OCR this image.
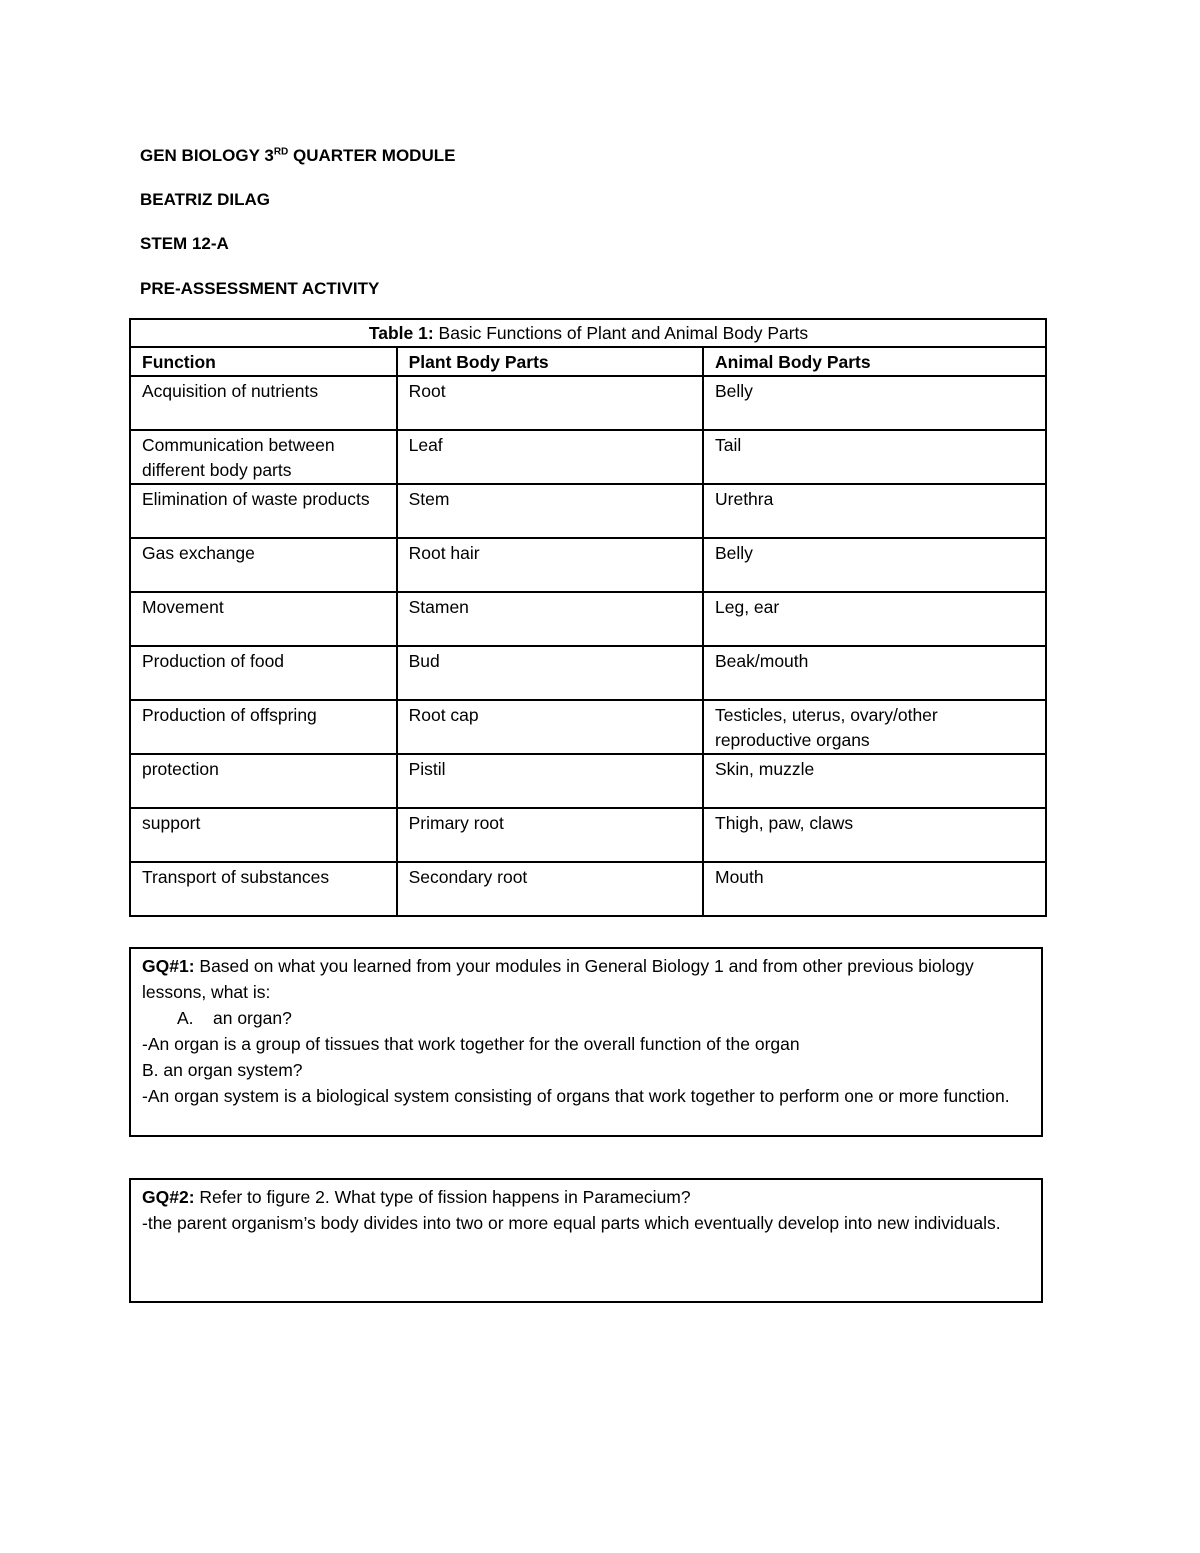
GEN BIOLOGY 3RD QUARTER MODULE
BEATRIZ DILAG
STEM 12-A
PRE-ASSESSMENT ACTIVITY
Table 1: Basic Functions of Plant and Animal Body Parts		
Function	Plant Body Parts	Animal Body Parts
Acquisition of nutrients	Root	Belly
Communication between different body parts	Leaf	Tail
Elimination of waste products	Stem	Urethra
Gas exchange	Root hair	Belly
Movement	Stamen	Leg, ear
Production of food	Bud	Beak/mouth
Production of offspring	Root cap	Testicles, uterus, ovary/other reproductive organs
protection	Pistil	Skin, muzzle
support	Primary root	Thigh, paw, claws
Transport of substances	Secondary root	Mouth

GQ#1: Based on what you learned from your modules in General Biology 1 and from other previous biology lessons, what is:

A. an organ?

-An organ is a group of tissues that work together for the overall function of the organ

B. an organ system?

-An organ system is a biological system consisting of organs that work together to perform one or more function.

GQ#2: Refer to figure 2. What type of fission happens in Paramecium?

-the parent organism’s body divides into two or more equal parts which eventually develop into new individuals.
